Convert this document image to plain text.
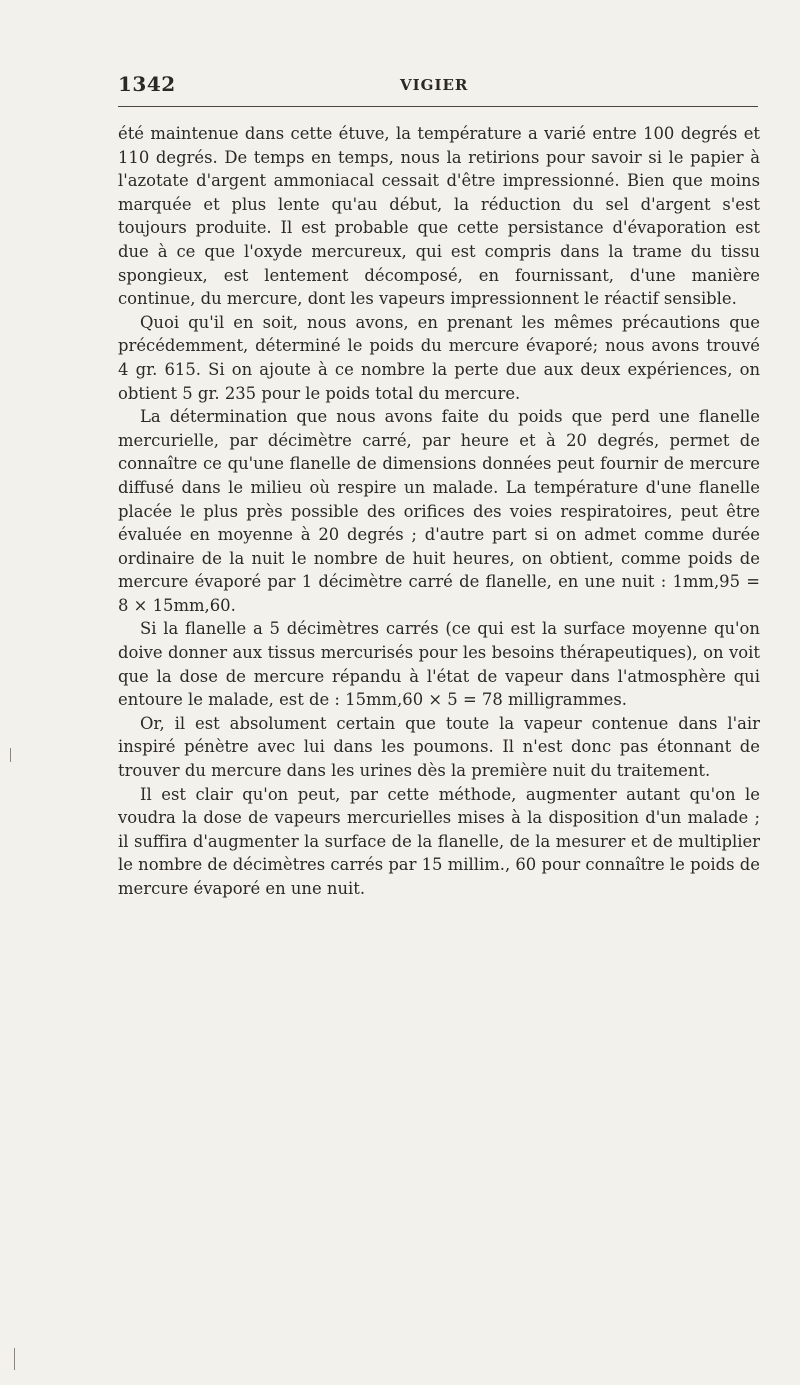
1342	VIGIER

été maintenue dans cette étuve, la température a varié entre 100 degrés et 110 degrés. De temps en temps, nous la retirions pour savoir si le papier à l'azotate d'argent ammoniacal cessait d'être impressionné. Bien que moins marquée et plus lente qu'au début, la réduction du sel d'argent s'est toujours produite. Il est probable que cette persistance d'évaporation est due à ce que l'oxyde mercureux, qui est compris dans la trame du tissu spongieux, est lentement décomposé, en fournissant, d'une manière continue, du mercure, dont les vapeurs impressionnent le réactif sensible.

Quoi qu'il en soit, nous avons, en prenant les mêmes précautions que précédemment, déterminé le poids du mercure évaporé; nous avons trouvé 4 gr. 615. Si on ajoute à ce nombre la perte due aux deux expériences, on obtient 5 gr. 235 pour le poids total du mercure.

La détermination que nous avons faite du poids que perd une flanelle mercurielle, par décimètre carré, par heure et à 20 degrés, permet de connaître ce qu'une flanelle de dimensions données peut fournir de mercure diffusé dans le milieu où respire un malade. La température d'une flanelle placée le plus près possible des orifices des voies respiratoires, peut être évaluée en moyenne à 20 degrés ; d'autre part si on admet comme durée ordinaire de la nuit le nombre de huit heures, on obtient, comme poids de mercure évaporé par 1 décimètre carré de flanelle, en une nuit : 1mm,95 = 8 × 15mm,60.

Si la flanelle a 5 décimètres carrés (ce qui est la surface moyenne qu'on doive donner aux tissus mercurisés pour les besoins thérapeutiques), on voit que la dose de mercure répandu à l'état de vapeur dans l'atmosphère qui entoure le malade, est de : 15mm,60 × 5 = 78 milligrammes.

Or, il est absolument certain que toute la vapeur contenue dans l'air inspiré pénètre avec lui dans les poumons. Il n'est donc pas étonnant de trouver du mercure dans les urines dès la première nuit du traitement.

Il est clair qu'on peut, par cette méthode, augmenter autant qu'on le voudra la dose de vapeurs mercurielles mises à la disposition d'un malade ; il suffira d'augmenter la surface de la flanelle, de la mesurer et de multiplier le nombre de décimètres carrés par 15 millim., 60 pour connaître le poids de mercure évaporé en une nuit.
